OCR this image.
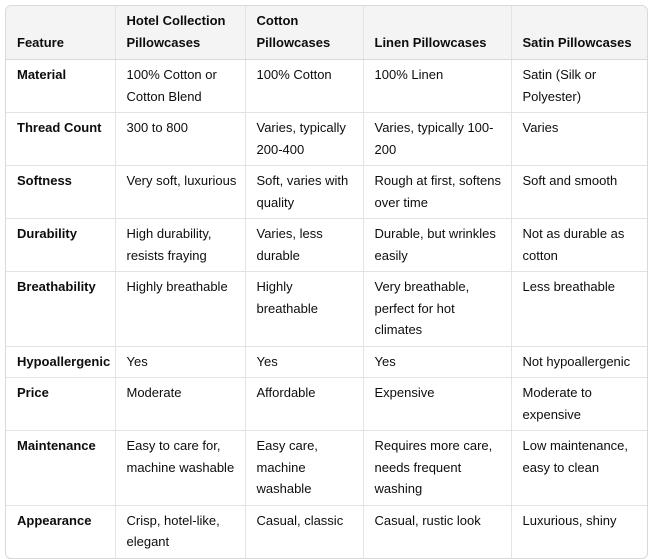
Feature	Hotel Collection Pillowcases	Cotton Pillowcases	Linen Pillowcases	Satin Pillowcases
Material	100% Cotton or Cotton Blend	100% Cotton	100% Linen	Satin (Silk or Polyester)
Thread Count	300 to 800	Varies, typically 200-400	Varies, typically 100-200	Varies
Softness	Very soft, luxurious	Soft, varies with quality	Rough at first, softens over time	Soft and smooth
Durability	High durability, resists fraying	Varies, less durable	Durable, but wrinkles easily	Not as durable as cotton
Breathability	Highly breathable	Highly breathable	Very breathable, perfect for hot climates	Less breathable
Hypoallergenic	Yes	Yes	Yes	Not hypoallergenic
Price	Moderate	Affordable	Expensive	Moderate to expensive
Maintenance	Easy to care for, machine washable	Easy care, machine washable	Requires more care, needs frequent washing	Low maintenance, easy to clean
Appearance	Crisp, hotel-like, elegant	Casual, classic	Casual, rustic look	Luxurious, shiny
